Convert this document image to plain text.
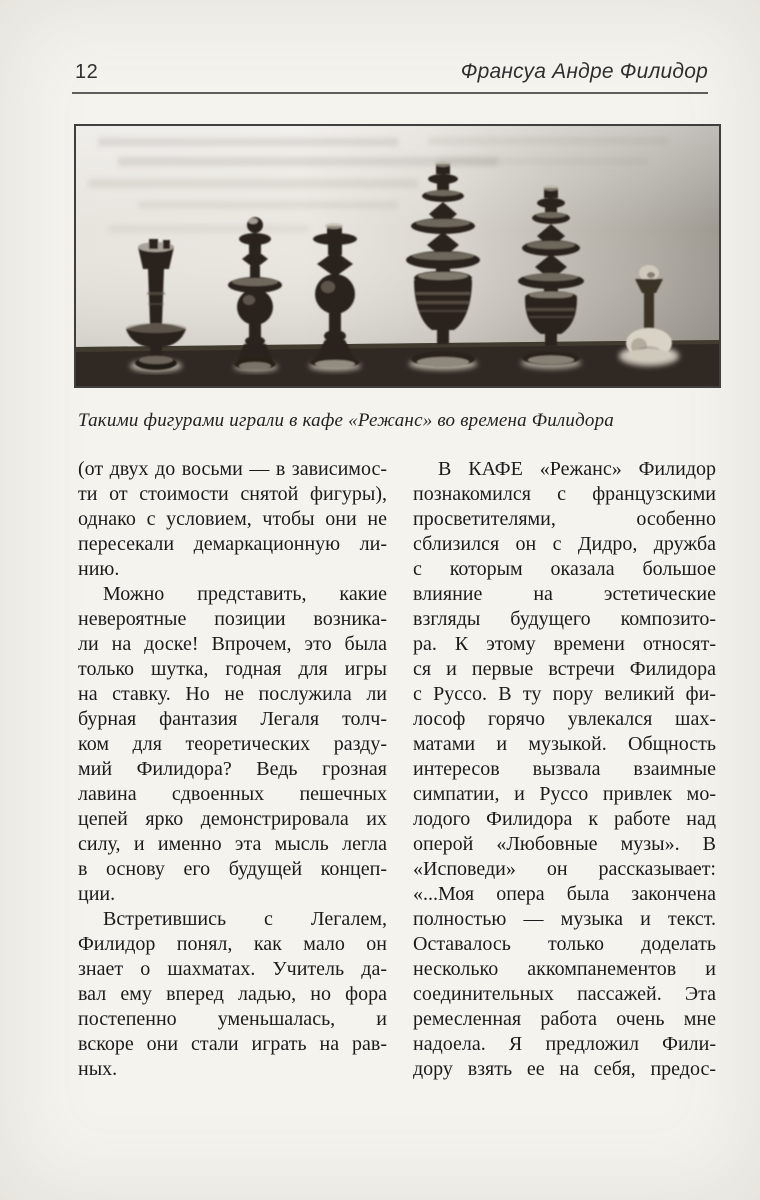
12	Франсуа Андре Филидор
Такими фигурами играли в кафе «Режанс» во времена Филидора

(от двух до восьми — в зависимос-
ти от стоимости снятой фигуры),
однако с условием, чтобы они не
пересекали демаркационную ли-
нию.

Можно представить, какие
невероятные позиции возника-
ли на доске! Впрочем, это была
только шутка, годная для игры
на ставку. Но не послужила ли
бурная фантазия Легаля толч-
ком для теоретических разду-
мий Филидора? Ведь грозная
лавина сдвоенных пешечных
цепей ярко демонстрировала их
силу, и именно эта мысль легла
в основу его будущей концеп-
ции.

Встретившись с Легалем,
Филидор понял, как мало он
знает о шахматах. Учитель да-
вал ему вперед ладью, но фора
постепенно уменьшалась, и
вскоре они стали играть на рав-
ных.

В КАФЕ «Режанс» Филидор
познакомился с французскими
просветителями, особенно
сблизился он с Дидро, дружба
с которым оказала большое
влияние на эстетические
взгляды будущего композито-
ра. К этому времени относят-
ся и первые встречи Филидора
с Руссо. В ту пору великий фи-
лософ горячо увлекался шах-
матами и музыкой. Общность
интересов вызвала взаимные
симпатии, и Руссо привлек мо-
лодого Филидора к работе над
оперой «Любовные музы». В
«Исповеди» он рассказывает:
«...Моя опера была закончена
полностью — музыка и текст.
Оставалось только доделать
несколько аккомпанементов и
соединительных пассажей. Эта
ремесленная работа очень мне
надоела. Я предложил Фили-
дору взять ее на себя, предос-
